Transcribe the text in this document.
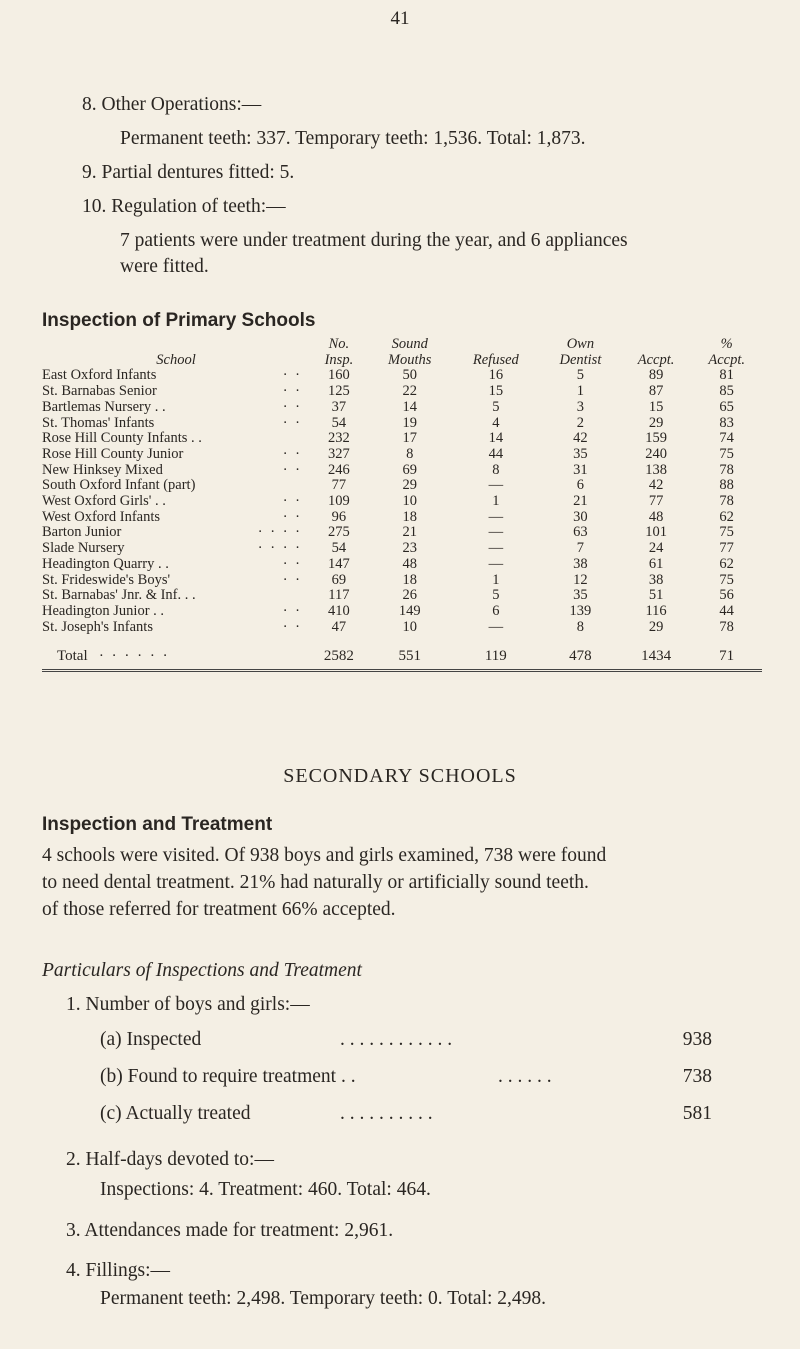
41
8. Other Operations:—
Permanent teeth: 337. Temporary teeth: 1,536. Total: 1,873.
9. Partial dentures fitted: 5.
10. Regulation of teeth:—
7 patients were under treatment during the year, and 6 appliances
were fitted.
Inspection of Primary Schools
	No.	Sound		Own		%
School	Insp.	Mouths	Refused	Dentist	Accpt.	Accpt.
East Oxford Infants · ·	160	50	16	5	89	81
St. Barnabas Senior · ·	125	22	15	1	87	85
Bartlemas Nursery . . · ·	37	14	5	3	15	65
St. Thomas' Infants · ·	54	19	4	2	29	83
Rose Hill County Infants . .	232	17	14	42	159	74
Rose Hill County Junior · ·	327	8	44	35	240	75
New Hinksey Mixed · ·	246	69	8	31	138	78
South Oxford Infant (part)	77	29	—	6	42	88
West Oxford Girls' . . · ·	109	10	1	21	77	78
West Oxford Infants · ·	96	18	—	30	48	62
Barton Junior · · · ·	275	21	—	63	101	75
Slade Nursery · · · ·	54	23	—	7	24	77
Headington Quarry . . · ·	147	48	—	38	61	62
St. Frideswide's Boys' · ·	69	18	1	12	38	75
St. Barnabas' Jnr. & Inf. . .	117	26	5	35	51	56
Headington Junior . . · ·	410	149	6	139	116	44
St. Joseph's Infants · ·	47	10	—	8	29	78
Total · · · · · ·	2582	551	119	478	1434	71
SECONDARY SCHOOLS
Inspection and Treatment
4 schools were visited. Of 938 boys and girls examined, 738 were found
to need dental treatment. 21% had naturally or artificially sound teeth.
of those referred for treatment 66% accepted.
Particulars of Inspections and Treatment
1. Number of boys and girls:—
(a) Inspected	. . . . . . . . . . . .	938
(b) Found to require treatment . .	. . . . . .	738
(c) Actually treated	. . . . . . . . . .	581
2. Half-days devoted to:—
Inspections: 4. Treatment: 460. Total: 464.
3. Attendances made for treatment: 2,961.
4. Fillings:—
Permanent teeth: 2,498. Temporary teeth: 0. Total: 2,498.
